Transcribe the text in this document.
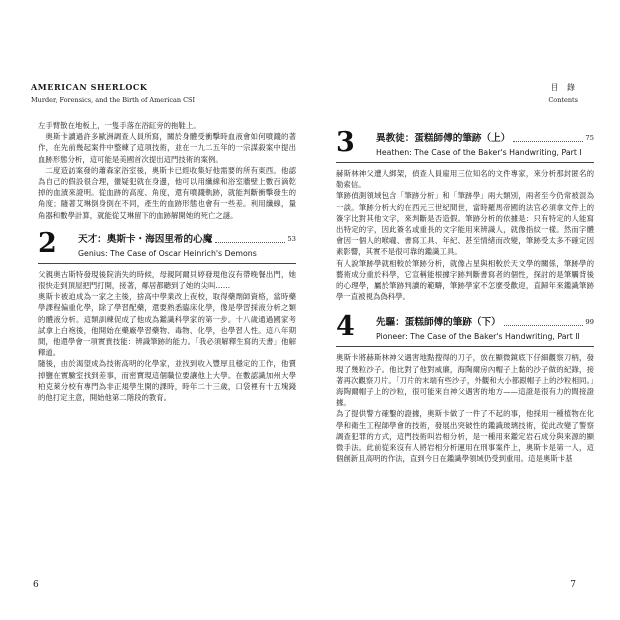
AMERICAN SHERLOCK
Murder, Forensics, and the Birth of American CSI
目 錄
Contents

左手臂散在地板上，一隻手落在浴缸旁的拖鞋上。

奧斯卡讀過許多歐洲調查人員所寫，關於身體受衝擊時血液會如何噴濺的著作，在先前幾起案件中整練了這項技術，並在一九二五年的一宗謀殺案中提出血跡形態分析，這可能是美國首次提出這門技術的案例。

二度造訪案發的蕭森家浴室後，奧斯卡已經收集好他需要的所有東西。他認為自己的假設很合理，蠻疑犯就在身邊，他可以用纖線和浴室牆壁上數百滴乾掉的血漬來證明。從血跡的高度、角度，還有噴濺軌跡，就能判斷衝擊發生的角度；隨著艾琳倒身倒在不同，產生的血跡形態也會有一些差。利用纖線，量角器和數學計算，就能從艾琳留下的血跡解開她的死亡之謎。

2 天才：奧斯卡・海因里希的心魔	53
Genius: The Case of Oscar Heinrich's Demons

父親奧古斯特發現後院消失的時候，母親阿爾貝婷發現他沒有帶晚餐出門，她很快走到頂屋把門打開，接著，鄰居都聽到了她的尖叫……

奧斯卡被迫成為一家之主後，捨高中學業改上夜校，取得藥劑師資格，當時藥學課程偏重化學，除了學習配藥，還要熟悉臨床化學，像是學習採液分析之類的體液分析。這類訓練促成了他成為鑑識科學家的第一步。十八歲通過國家考試拿上白袍後，他開始在藥廠學習藥物、毒物、化學，也學習人性。這八年期間，他還學會一項實貴技能：辨識筆跡的能力。「我必須解釋生寫的天書」他解釋道。

隨後，由於渴望成為技術高明的化學家，並找到收入豐厚且穩定的工作，他賣掉鹽在實驗室找到差事，而密寶現這個職位要讓他上大學。在數認識加州大學柏克萊分校有專門為非正規學生開的課時，時年二十三歲，口袋裡有十五塊錢的他打定主意，開始他第二階段的教育。

3 異教徒：蛋糕師傅的筆跡（上）	75
Heathen: The Case of the Baker's Handwriting, Part I

赫斯林神父遭人綁架，偵查人員雇用三位知名的文件專家，來分析那封匿名的勒索信。

筆跡偵測領域包含「筆跡分析」和「筆跡學」兩大類別，兩者至今仍常被混為一談。筆跡分析大約在西元三世紀間世，當時羅馬帝國的法官必須拿文件上的簽字比對其他文字，來判斷是否造假。筆跡分析的依據是：只有特定的人能寫出特定的字，因此簽名或重長的文字能用來辨識人，就像指紋一樣。然而字體會因一個人的喉嚨、書寫工具、年紀、甚至情緒而改變，筆跡受太多不確定因素影響，其實不是很可靠的鑑識工具。

有人說筆跡學就相較於筆跡分析，就像占星與相較於天文學的關係，筆跡學的藝術成分重於科學，它宣稱能根據字跡判斷書寫者的個性，探討的是筆觸背後的心理學，屬於筆跡判讀的範疇，筆跡學家不怎麼受歡迎，直歸年來鑑識筆跡學一直被視為偽科學。

4 先驅：蛋糕師傅的筆跡（下）	99
Pioneer: The Case of the Baker's Handwriting, Part II

奧斯卡將赫斯林神父遇害地點搜得的刀子，放在顯微鏡底下仔細觀察刀柄，發現了幾粒沙子。他比對了他對威廉，海陶爾房內帽子上黏的沙子做的紀錄，接著再次觀察刀片。「刀片的末端有些沙子，外觀和大小都跟帽子上的沙粒相同。」海陶爾帽子上的沙粒，很可能來自神父遇害的地方——這證是很有力的間接證據。

為了提供警方確鑿的證據，奧斯卡做了一件了不起的事，他採用一種植物在化學和衛生工程師學會的技術，發展出突破性的鑑識玻璃技術，從此改變了警察調查犯罪的方式，這門技術叫岩相分析，是一種用來鑑定岩石成分與來源的顯微手法。此前從來沒有人將岩相分析運用在刑事案件上，奧斯卡是第一人，這個創新且高明的作法，直到今日在鑑識學領域仍受到重用。這是奧斯卡基

6	7
